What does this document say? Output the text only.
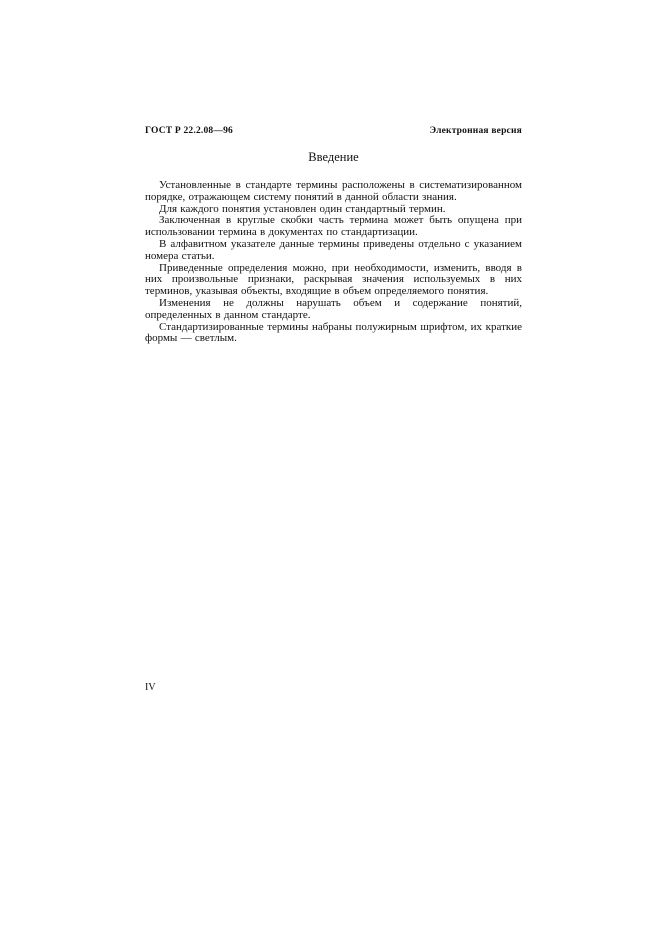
ГОСТ Р 22.2.08—96	Электронная версия
Введение

Установленные в стандарте термины расположены в систематизированном порядке, отражающем систему понятий в данной области знания.

Для каждого понятия установлен один стандартный термин.

Заключенная в круглые скобки часть термина может быть опущена при использовании термина в документах по стандартизации.

В алфавитном указателе данные термины приведены отдельно с указанием номера статьи.

Приведенные определения можно, при необходимости, изменить, вводя в них произвольные признаки, раскрывая значения используемых в них терминов, указывая объекты, входящие в объем определяемого понятия.

Изменения не должны нарушать объем и содержание понятий, определенных в данном стандарте.

Стандартизированные термины набраны полужирным шрифтом, их краткие формы — светлым.

IV
